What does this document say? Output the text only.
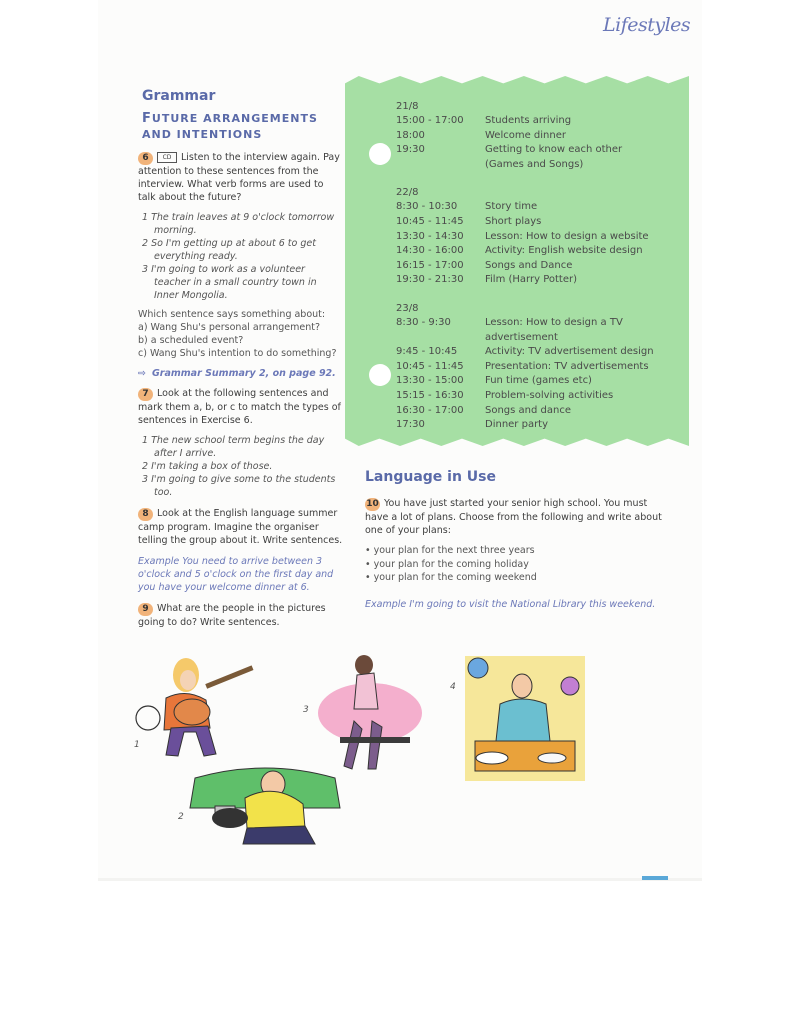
Lifestyles
Grammar
FUTURE ARRANGEMENTS
AND INTENTIONS
6 CD Listen to the interview again. Pay attention to these sentences from the interview. What verb forms are used to talk about the future?
1 The train leaves at 9 o'clock tomorrow morning.
2 So I'm getting up at about 6 to get everything ready.
3 I'm going to work as a volunteer teacher in a small country town in Inner Mongolia.
Which sentence says something about:
a) Wang Shu's personal arrangement?
b) a scheduled event?
c) Wang Shu's intention to do something?
⇨ Grammar Summary 2, on page 92.
7 Look at the following sentences and mark them a, b, or c to match the types of sentences in Exercise 6.
1 The new school term begins the day after I arrive.
2 I'm taking a box of those.
3 I'm going to give some to the students too.
8 Look at the English language summer camp program. Imagine the organiser telling the group about it. Write sentences.
Example You need to arrive between 3 o'clock and 5 o'clock on the first day and you have your welcome dinner at 6.
9 What are the people in the pictures going to do? Write sentences.
21/8
15:00 - 17:00	Students arriving
18:00	Welcome dinner
19:30	Getting to know each other
(Games and Songs)
22/8
8:30 - 10:30	Story time
10:45 - 11:45	Short plays
13:30 - 14:30	Lesson: How to design a website
14:30 - 16:00	Activity: English website design
16:15 - 17:00	Songs and Dance
19:30 - 21:30	Film (Harry Potter)
23/8
8:30 - 9:30	Lesson: How to design a TV
advertisement
9:45 - 10:45	Activity: TV advertisement design
10:45 - 11:45	Presentation: TV advertisements
13:30 - 15:00	Fun time (games etc)
15:15 - 16:30	Problem-solving activities
16:30 - 17:00	Songs and dance
17:30	Dinner party
Language in Use
10 You have just started your senior high school. You must have a lot of plans. Choose from the following and write about one of your plans:
• your plan for the next three years
• your plan for the coming holiday
• your plan for the coming weekend
Example I'm going to visit the National Library this weekend.
1
2
3
4
